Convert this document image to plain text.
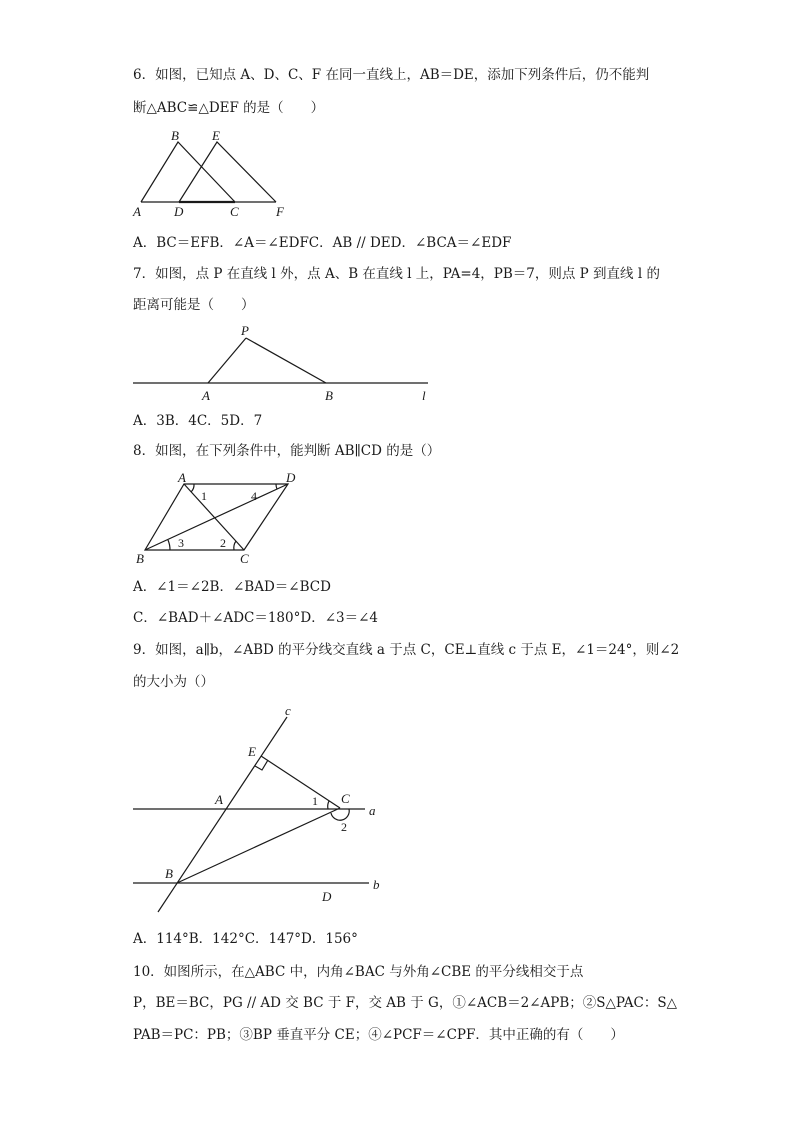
6．如图，已知点 A、D、C、F 在同一直线上，AB＝DE，添加下列条件后，仍不能判
断△ABC≌△DEF 的是（　　）
B	E
A	D	C	F
A．BC＝EFB．∠A＝∠EDFC．AB // DED．∠BCA＝∠EDF
7．如图，点 P 在直线 l 外，点 A、B 在直线 l 上，PA=4，PB＝7，则点 P 到直线 l 的
距离可能是（　　）
P
A	B	l
A．3B．4C．5D．7
8．如图，在下列条件中，能判断 AB∥CD 的是（）
A	D
B	C
1	4
3	2
A．∠1＝∠2B．∠BAD＝∠BCD
C．∠BAD＋∠ADC＝180°D．∠3＝∠4
9．如图，a∥b，∠ABD 的平分线交直线 a 于点 C，CE⊥直线 c 于点 E，∠1＝24°，则∠2
的大小为（）
c
E
A	C
a
1
2
B
D
b
A．114°B．142°C．147°D．156°
10．如图所示，在△ABC 中，内角∠BAC 与外角∠CBE 的平分线相交于点
P，BE＝BC，PG // AD 交 BC 于 F，交 AB 于 G，①∠ACB＝2∠APB；②S△PAC：S△
PAB＝PC：PB；③BP 垂直平分 CE；④∠PCF＝∠CPF．其中正确的有（　　）
